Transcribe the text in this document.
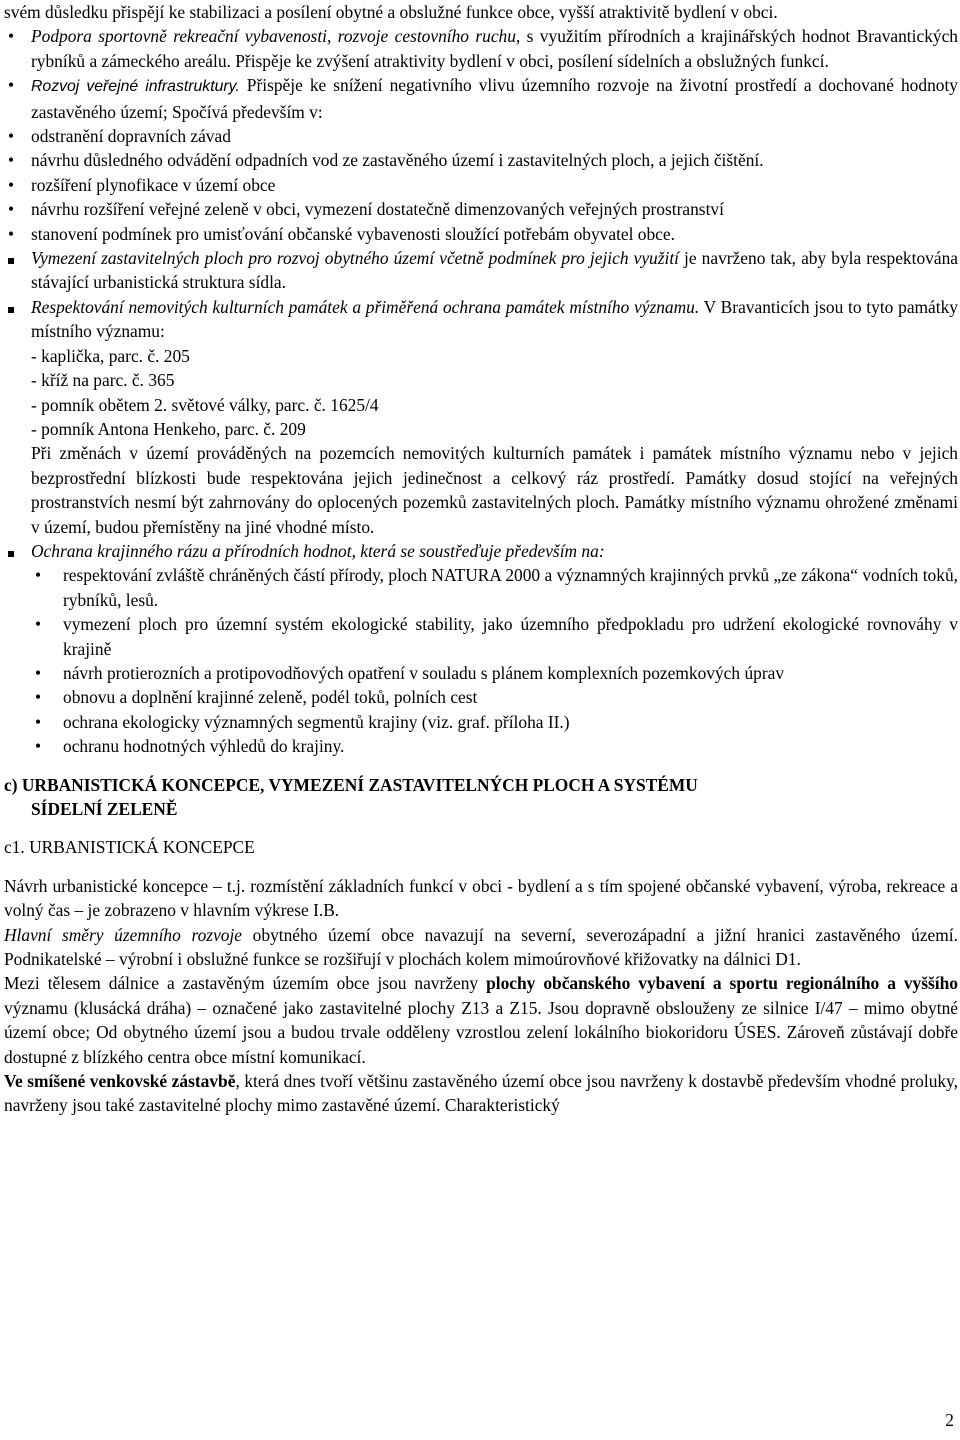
svém důsledku přispějí ke stabilizaci a posílení obytné a obslužné funkce obce, vyšší atraktivitě bydlení v obci.

• Podpora sportovně rekreační vybavenosti, rozvoje cestovního ruchu, s využitím přírodních a krajinářských hodnot Bravantických rybníků a zámeckého areálu. Přispěje ke zvýšení atraktivity bydlení v obci, posílení sídelních a obslužných funkcí.
• Rozvoj veřejné infrastruktury. Přispěje ke snížení negativního vlivu územního rozvoje na životní prostředí a dochované hodnoty zastavěného území; Spočívá především v:
• odstranění dopravních závad
• návrhu důsledného odvádění odpadních vod ze zastavěného území i zastavitelných ploch, a jejich čištění.
• rozšíření plynofikace v území obce
• návrhu rozšíření veřejné zeleně v obci, vymezení dostatečně dimenzovaných veřejných prostranství
• stanovení podmínek pro umisťování občanské vybavenosti sloužící potřebám obyvatel obce.
Vymezení zastavitelných ploch pro rozvoj obytného území včetně podmínek pro jejich využití je navrženo tak, aby byla respektována stávající urbanistická struktura sídla.
Respektování nemovitých kulturních památek a přiměřená ochrana památek místního významu. V Bravanticích jsou to tyto památky místního významu:
- kaplička, parc. č. 205
- kříž na parc. č. 365
- pomník obětem 2. světové války, parc. č. 1625/4
- pomník Antona Henkeho, parc. č. 209

Při změnách v území prováděných na pozemcích nemovitých kulturních památek i památek místního významu nebo v jejich bezprostřední blízkosti bude respektována jejich jedinečnost a celkový ráz prostředí. Památky dosud stojící na veřejných prostranstvích nesmí být zahrnovány do oplocených pozemků zastavitelných ploch. Památky místního významu ohrožené změnami v území, budou přemístěny na jiné vhodné místo.

Ochrana krajinného rázu a přírodních hodnot, která se soustřeďuje především na:
• respektování zvláště chráněných částí přírody, ploch NATURA 2000 a významných krajinných prvků „ze zákona“ vodních toků, rybníků, lesů.
• vymezení ploch pro územní systém ekologické stability, jako územního předpokladu pro udržení ekologické rovnováhy v krajině
• návrh protierozních a protipovodňových opatření v souladu s plánem komplexních pozemkových úprav
• obnovu a doplnění krajinné zeleně, podél toků, polních cest
• ochrana ekologicky významných segmentů krajiny (viz. graf. příloha II.)
• ochranu hodnotných výhledů do krajiny.
c) URBANISTICKÁ KONCEPCE, VYMEZENÍ ZASTAVITELNÝCH PLOCH A SYSTÉMU
SÍDELNÍ ZELENĚ

c1. URBANISTICKÁ KONCEPCE

Návrh urbanistické koncepce – t.j. rozmístění základních funkcí v obci - bydlení a s tím spojené občanské vybavení, výroba, rekreace a volný čas – je zobrazeno v hlavním výkrese I.B.

Hlavní směry územního rozvoje obytného území obce navazují na severní, severozápadní a jižní hranici zastavěného území. Podnikatelské – výrobní i obslužné funkce se rozšiřují v plochách kolem mimoúrovňové křižovatky na dálnici D1.

Mezi tělesem dálnice a zastavěným územím obce jsou navrženy plochy občanského vybavení a sportu regionálního a vyššího významu (klusácká dráha) – označené jako zastavitelné plochy Z13 a Z15. Jsou dopravně obslouženy ze silnice I/47 – mimo obytné území obce; Od obytného území jsou a budou trvale odděleny vzrostlou zelení lokálního biokoridoru ÚSES. Zároveň zůstávají dobře dostupné z blízkého centra obce místní komunikací.

Ve smíšené venkovské zástavbě, která dnes tvoří většinu zastavěného území obce jsou navrženy k dostavbě především vhodné proluky, navrženy jsou také zastavitelné plochy mimo zastavěné území. Charakteristický

2
